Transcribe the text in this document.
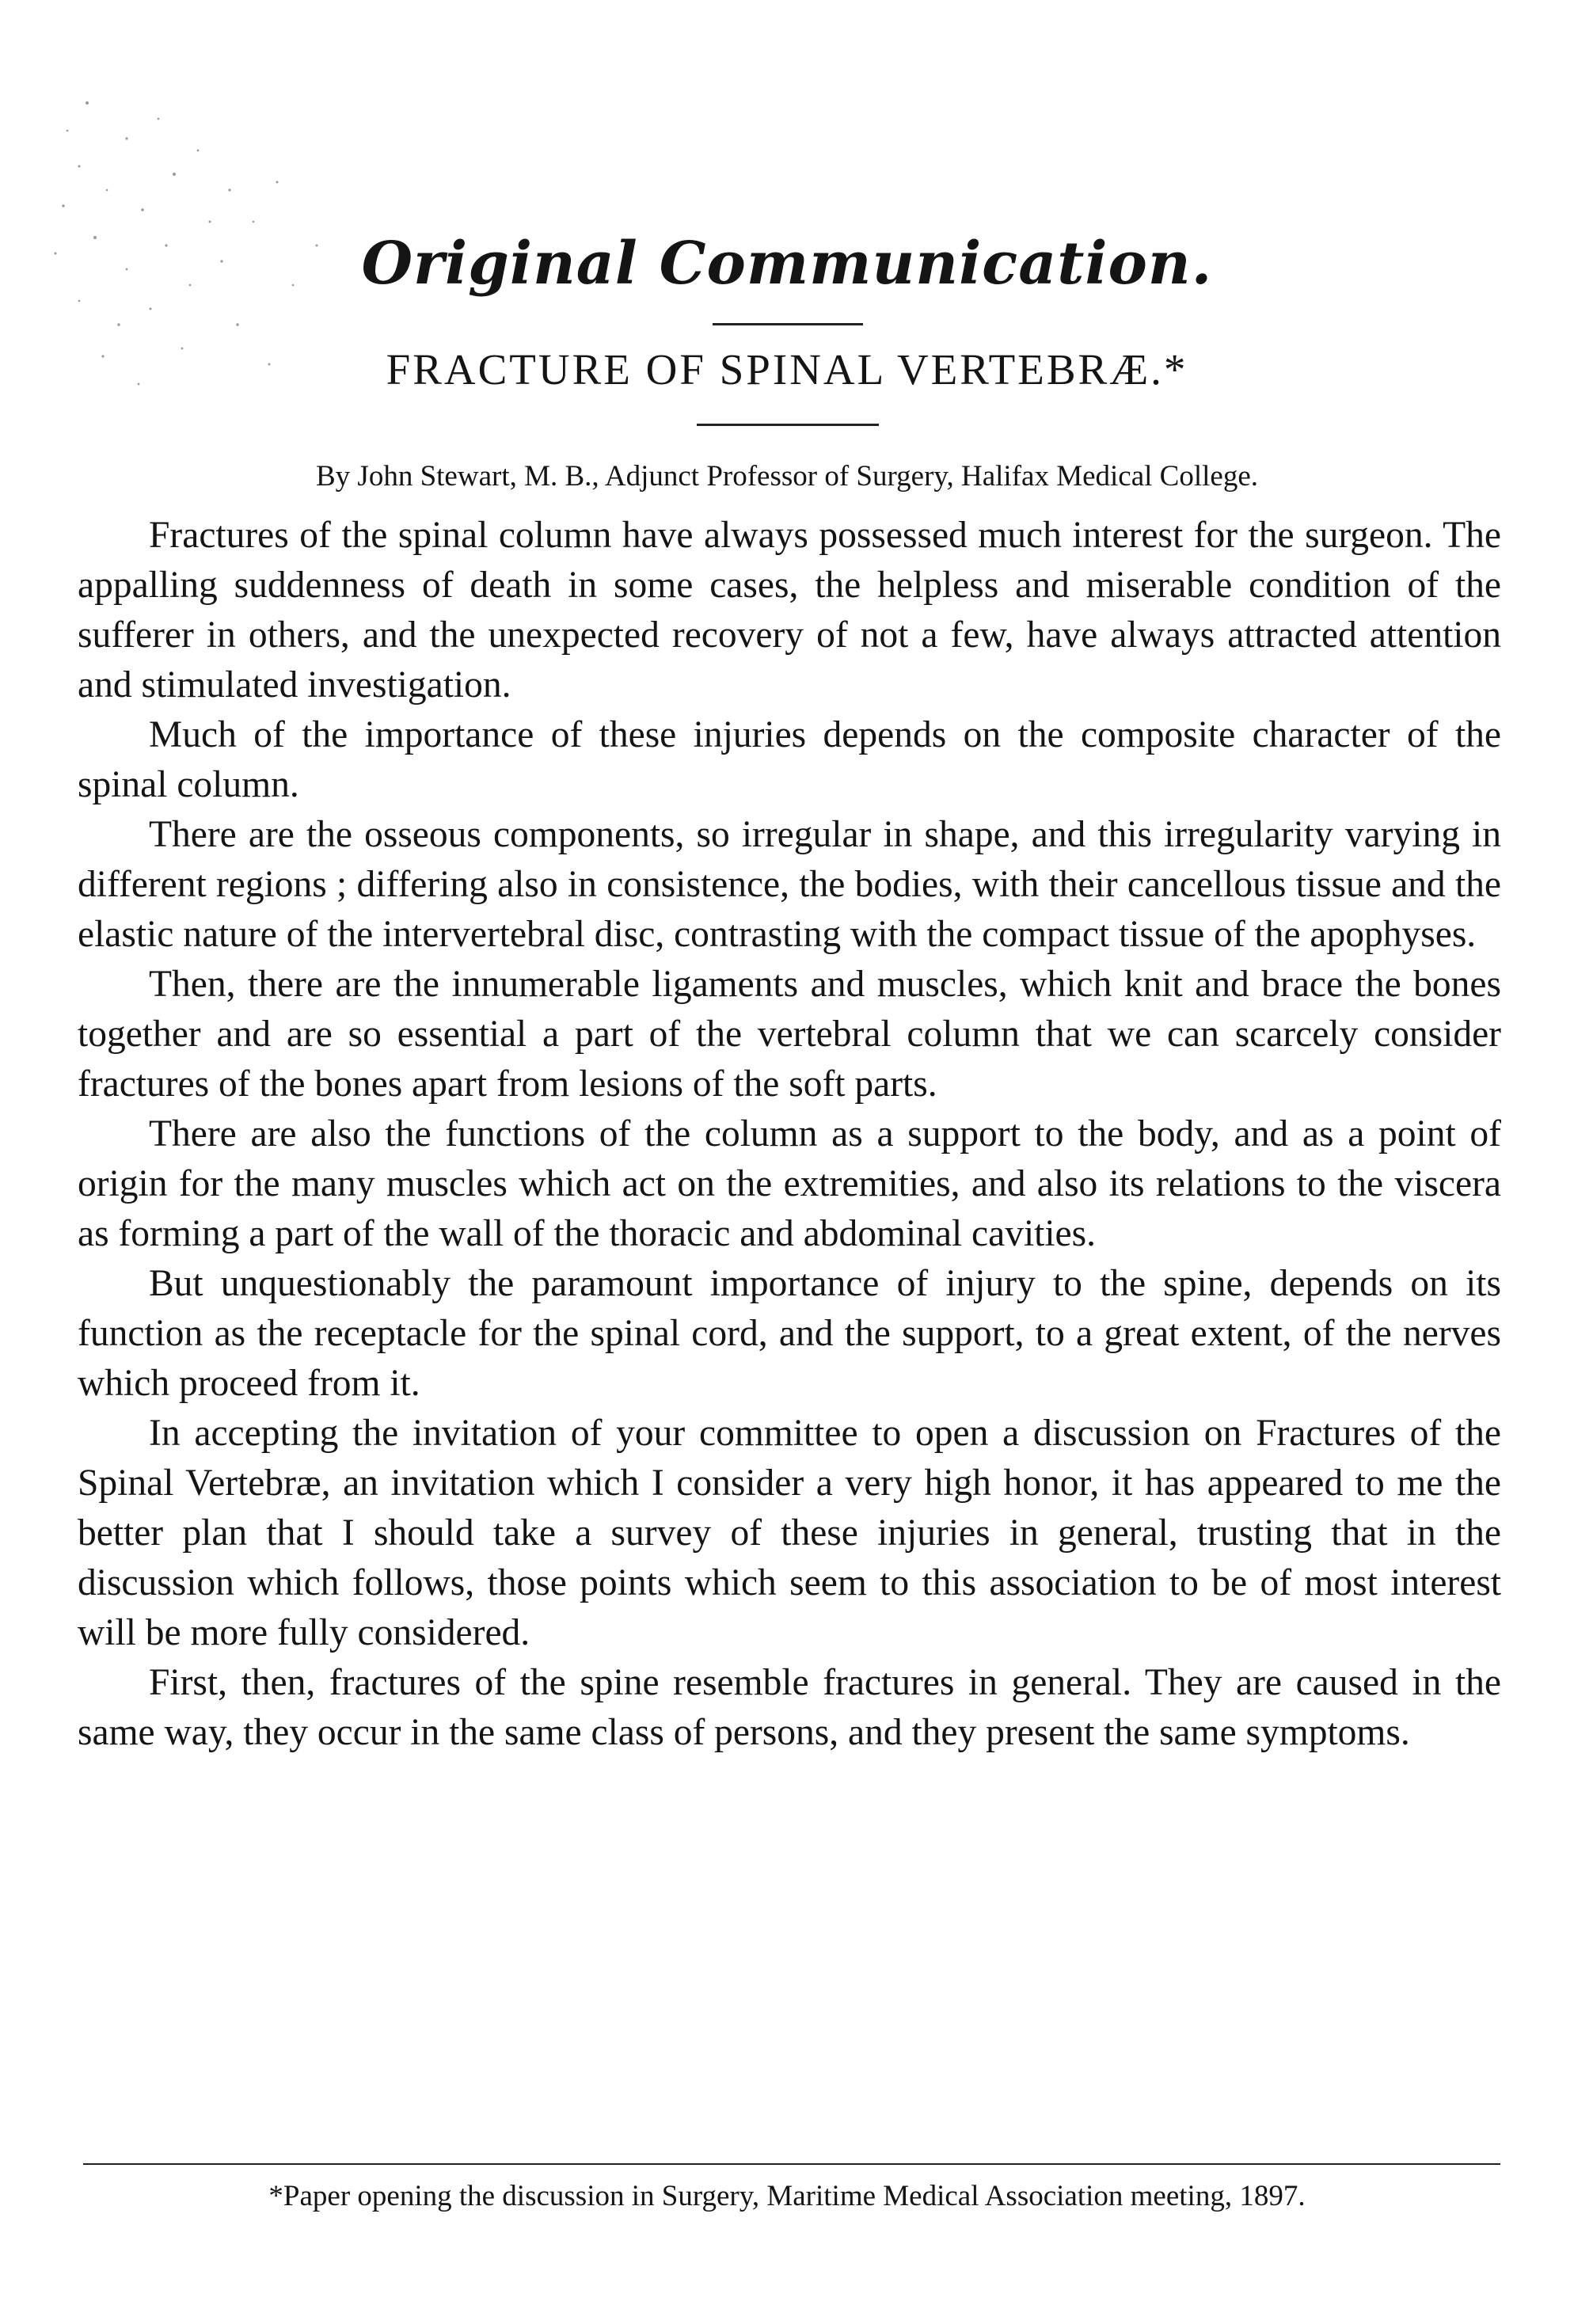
Original Communication.
FRACTURE OF SPINAL VERTEBRÆ.*
By John Stewart, M. B., Adjunct Professor of Surgery, Halifax Medical College.

Fractures of the spinal column have always possessed much interest for the surgeon. The appalling suddenness of death in some cases, the helpless and miserable condition of the sufferer in others, and the unexpected recovery of not a few, have always attracted attention and stimulated investigation.

Much of the importance of these injuries depends on the composite character of the spinal column.

There are the osseous components, so irregular in shape, and this irregularity varying in different regions ; differing also in consistence, the bodies, with their cancellous tissue and the elastic nature of the intervertebral disc, contrasting with the compact tissue of the apophyses.

Then, there are the innumerable ligaments and muscles, which knit and brace the bones together and are so essential a part of the vertebral column that we can scarcely consider fractures of the bones apart from lesions of the soft parts.

There are also the functions of the column as a support to the body, and as a point of origin for the many muscles which act on the extremities, and also its relations to the viscera as forming a part of the wall of the thoracic and abdominal cavities.

But unquestionably the paramount importance of injury to the spine, depends on its function as the receptacle for the spinal cord, and the support, to a great extent, of the nerves which proceed from it.

In accepting the invitation of your committee to open a discussion on Fractures of the Spinal Vertebræ, an invitation which I consider a very high honor, it has appeared to me the better plan that I should take a survey of these injuries in general, trusting that in the discussion which follows, those points which seem to this association to be of most interest will be more fully considered.

First, then, fractures of the spine resemble fractures in general. They are caused in the same way, they occur in the same class of persons, and they present the same symptoms.

*Paper opening the discussion in Surgery, Maritime Medical Association meeting, 1897.
